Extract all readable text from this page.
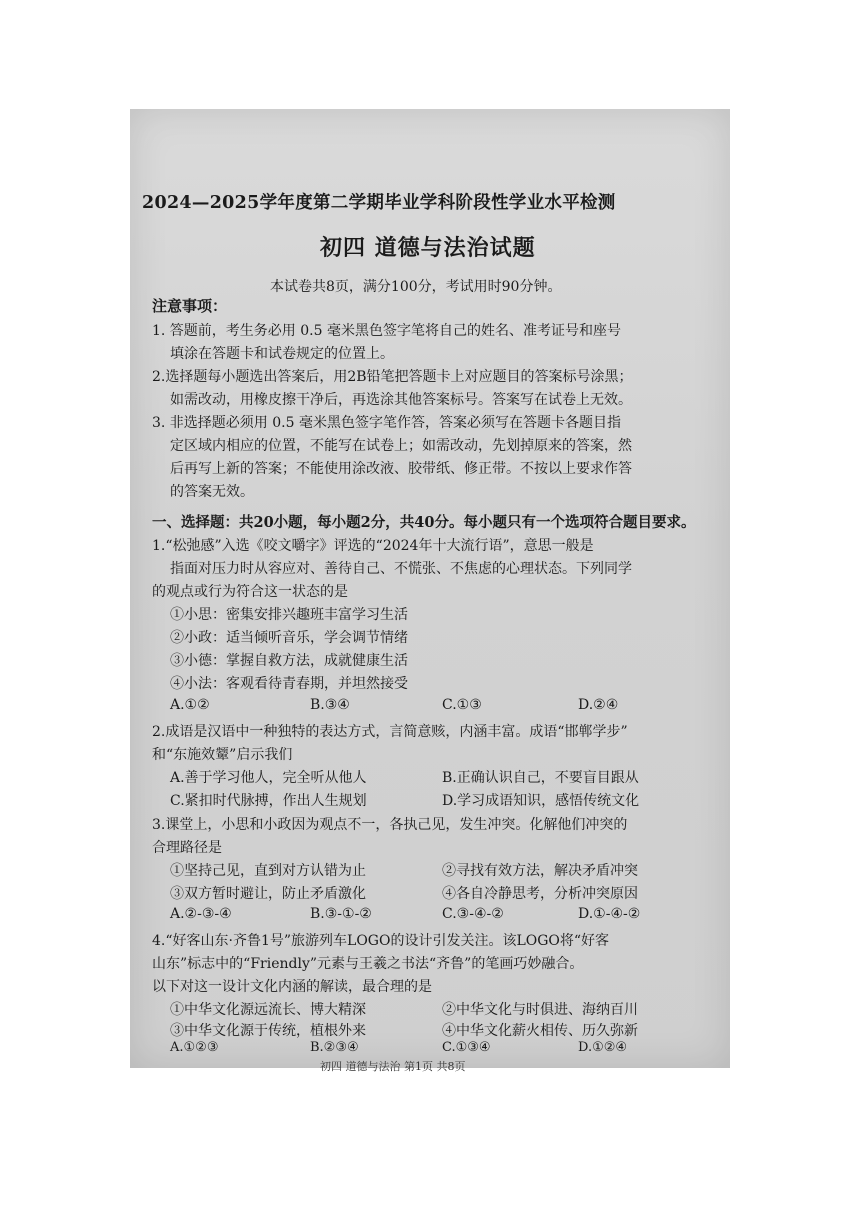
2024—2025学年度第二学期毕业学科阶段性学业水平检测
初四 道德与法治试题
本试卷共8页，满分100分，考试用时90分钟。
注意事项：
1. 答题前，考生务必用 0.5 毫米黑色签字笔将自己的姓名、准考证号和座号
填涂在答题卡和试卷规定的位置上。
2.选择题每小题选出答案后，用2B铅笔把答题卡上对应题目的答案标号涂黑；
如需改动，用橡皮擦干净后，再选涂其他答案标号。答案写在试卷上无效。
3. 非选择题必须用 0.5 毫米黑色签字笔作答，答案必须写在答题卡各题目指
定区域内相应的位置，不能写在试卷上；如需改动，先划掉原来的答案，然
后再写上新的答案；不能使用涂改液、胶带纸、修正带。不按以上要求作答
的答案无效。
一、选择题：共20小题，每小题2分，共40分。每小题只有一个选项符合题目要求。
1.“松弛感”入选《咬文嚼字》评选的“2024年十大流行语”，意思一般是
指面对压力时从容应对、善待自己、不慌张、不焦虑的心理状态。下列同学
的观点或行为符合这一状态的是
①小思：密集安排兴趣班丰富学习生活
②小政：适当倾听音乐，学会调节情绪
③小德：掌握自救方法，成就健康生活
④小法：客观看待青春期，并坦然接受
A.①②	B.③④	C.①③	D.②④
2.成语是汉语中一种独特的表达方式，言简意赅，内涵丰富。成语“邯郸学步”
和“东施效颦”启示我们
A.善于学习他人，完全听从他人	B.正确认识自己，不要盲目跟从
C.紧扣时代脉搏，作出人生规划	D.学习成语知识，感悟传统文化
3.课堂上，小思和小政因为观点不一，各执己见，发生冲突。化解他们冲突的
合理路径是
①坚持己见，直到对方认错为止	②寻找有效方法，解决矛盾冲突
③双方暂时避让，防止矛盾激化	④各自冷静思考，分析冲突原因
A.②-③-④	B.③-①-②	C.③-④-②	D.①-④-②
4.“好客山东·齐鲁1号”旅游列车LOGO的设计引发关注。该LOGO将“好客
山东”标志中的“Friendly”元素与王羲之书法“齐鲁”的笔画巧妙融合。
以下对这一设计文化内涵的解读，最合理的是
①中华文化源远流长、博大精深	②中华文化与时俱进、海纳百川
③中华文化源于传统，植根外来	④中华文化薪火相传、历久弥新
A.①②③	B.②③④	C.①③④	D.①②④
初四 道德与法治 第1页 共8页
